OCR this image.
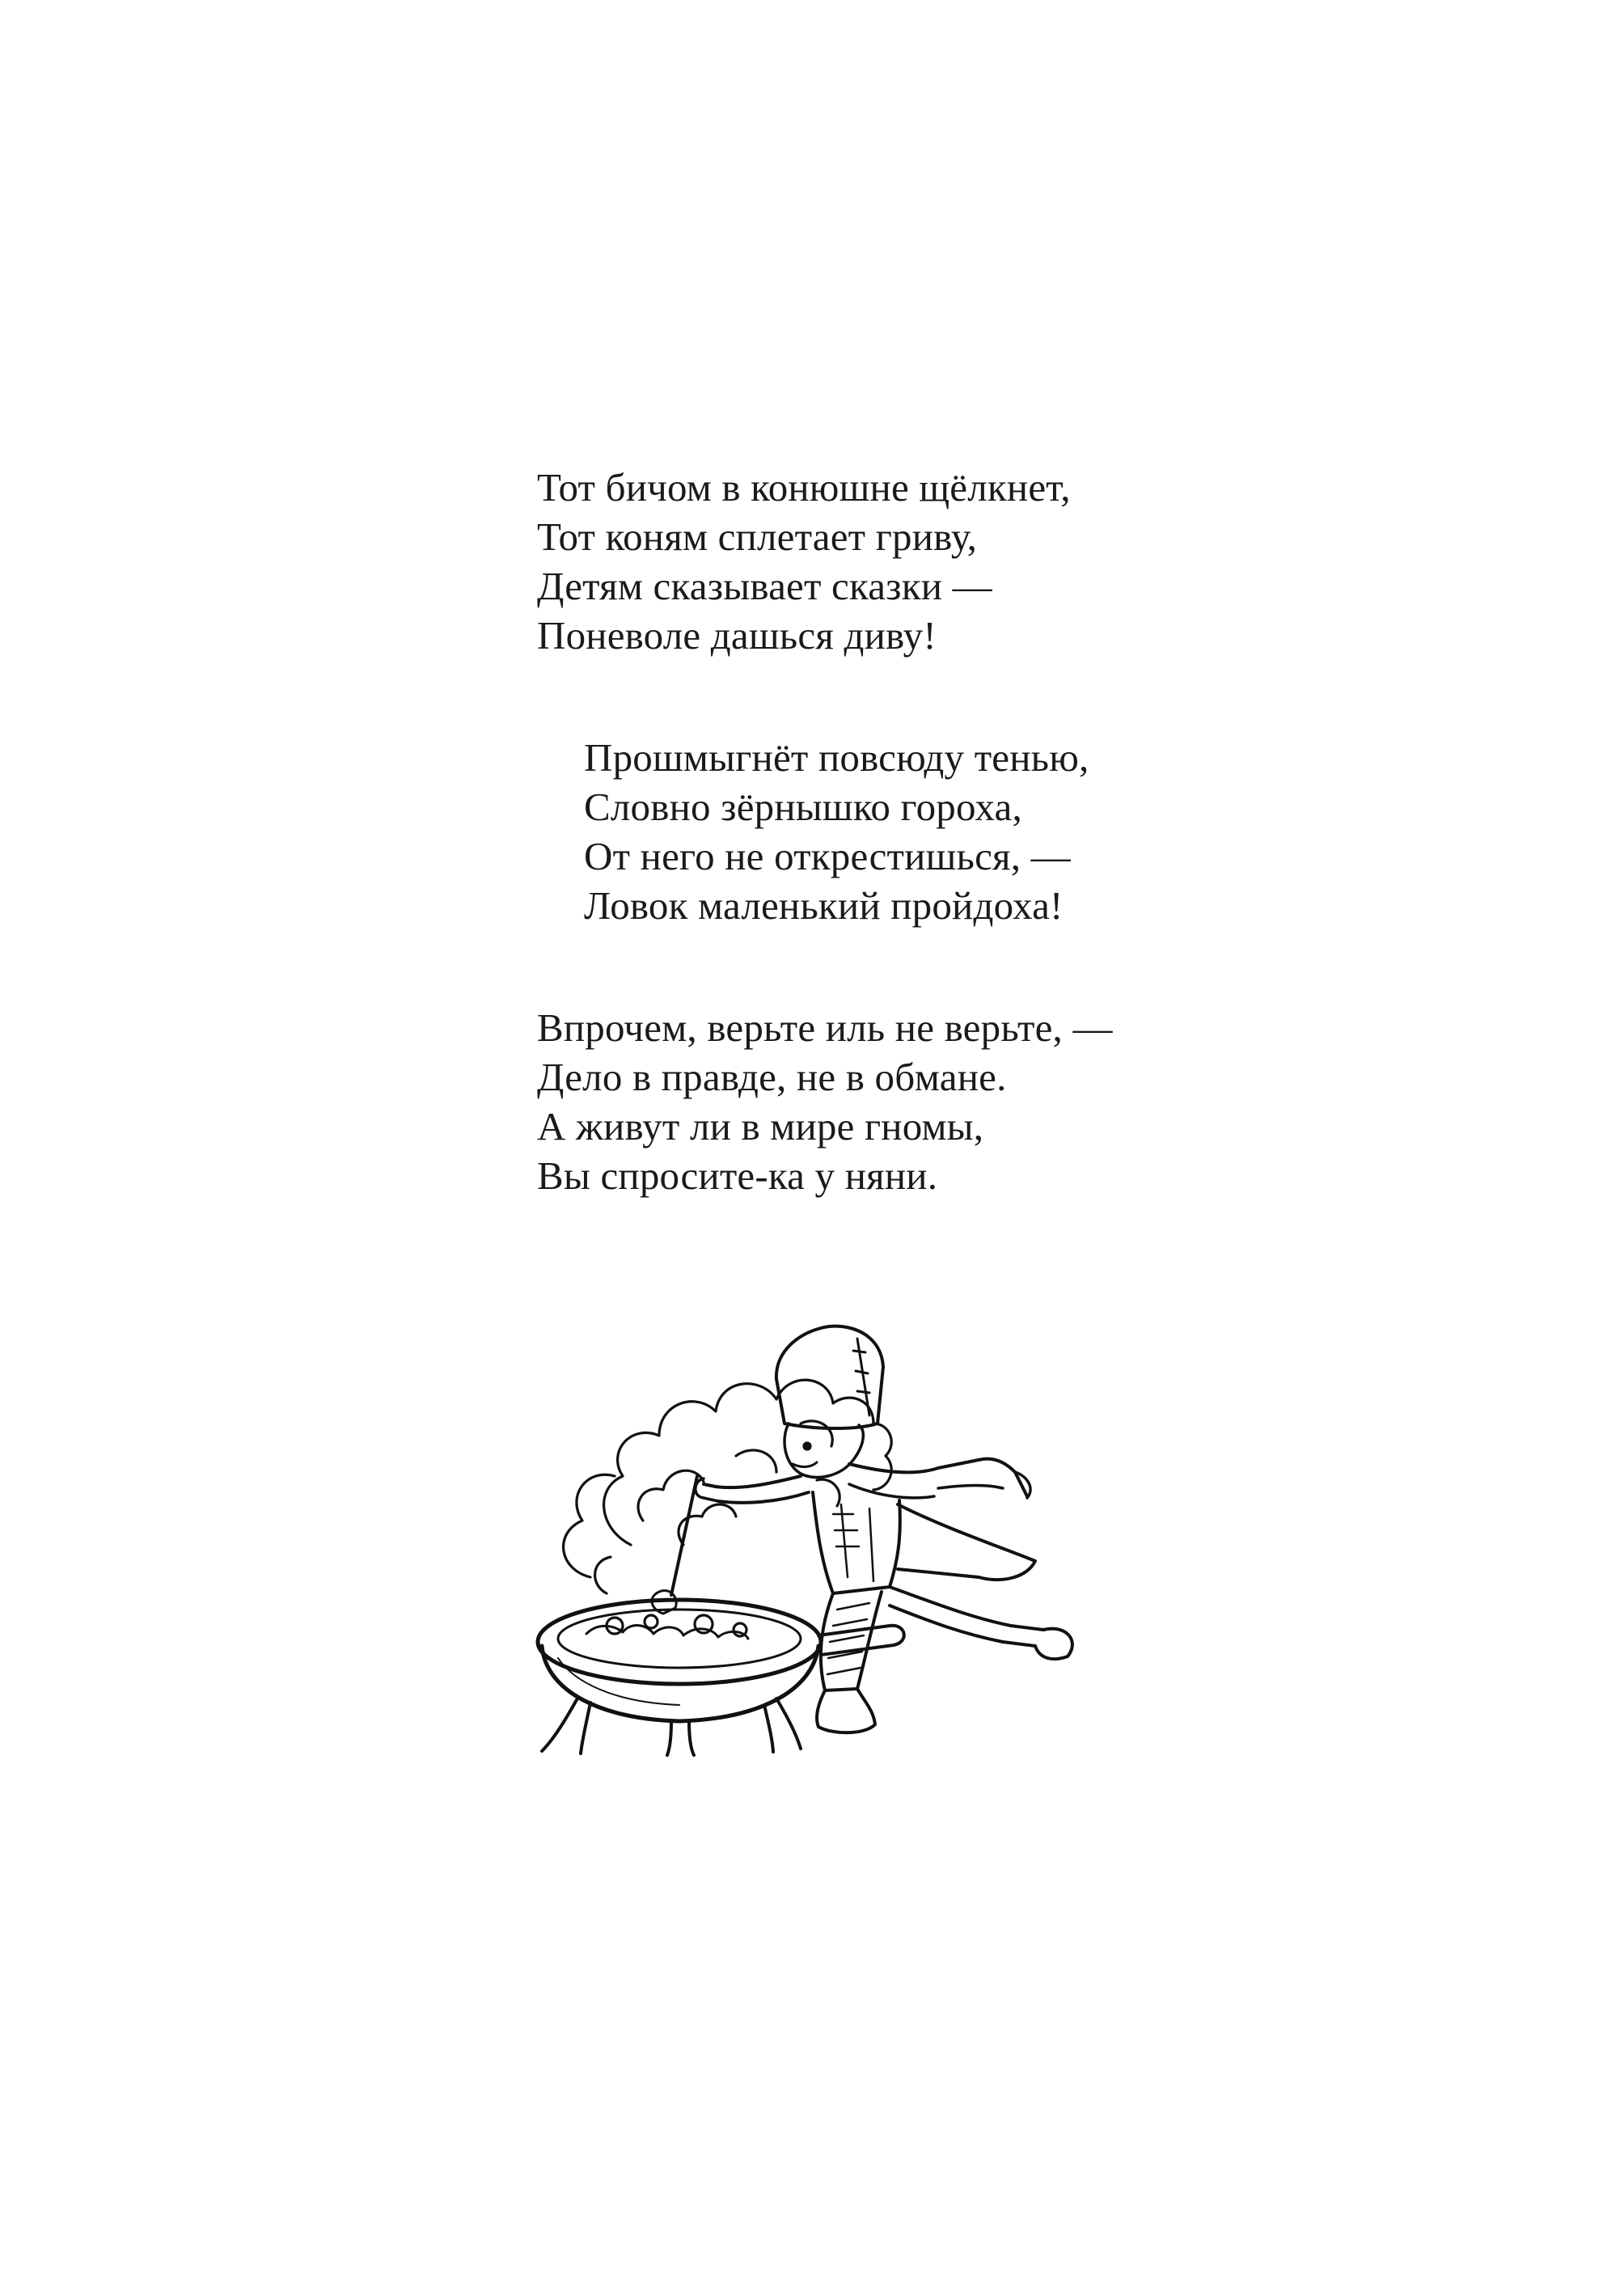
Тот бичом в конюшне щёлкнет,
Тот коням сплетает гриву,
Детям сказывает сказки —
Поневоле дашься диву!
Прошмыгнёт повсюду тенью,
Словно зёрнышко гороха,
От него не открестишься, —
Ловок маленький пройдоха!
Впрочем, верьте иль не верьте, —
Дело в правде, не в обмане.
А живут ли в мире гномы,
Вы спросите-ка у няни.
